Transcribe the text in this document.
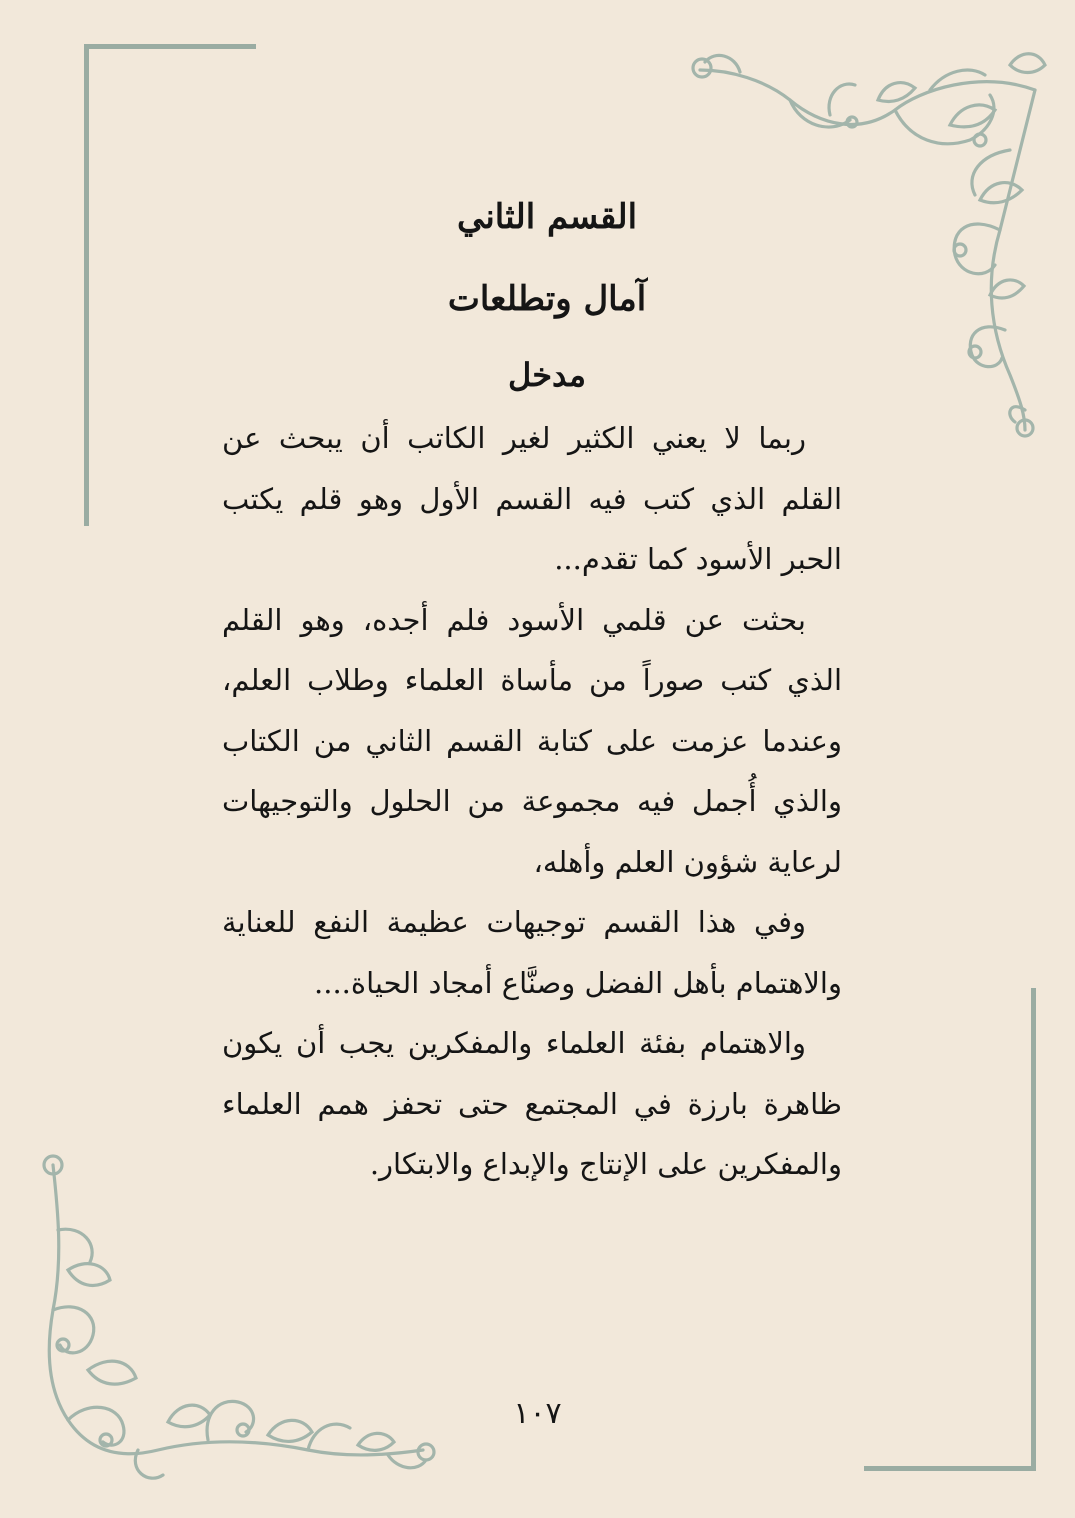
القسم الثاني
آمال وتطلعات
مدخل

ربما لا يعني الكثير لغير الكاتب أن يبحث عن القلم الذي كتب فيه القسم الأول وهو قلم يكتب الحبر الأسود كما تقدم...

بحثت عن قلمي الأسود فلم أجده، وهو القلم الذي كتب صوراً من مأساة العلماء وطلاب العلم، وعندما عزمت على كتابة القسم الثاني من الكتاب والذي أُجمل فيه مجموعة من الحلول والتوجيهات لرعاية شؤون العلم وأهله،

وفي هذا القسم توجيهات عظيمة النفع للعناية والاهتمام بأهل الفضل وصنَّاع أمجاد الحياة....

والاهتمام بفئة العلماء والمفكرين يجب أن يكون ظاهرة بارزة في المجتمع حتى تحفز همم العلماء والمفكرين على الإنتاج والإبداع والابتكار.

١٠٧
